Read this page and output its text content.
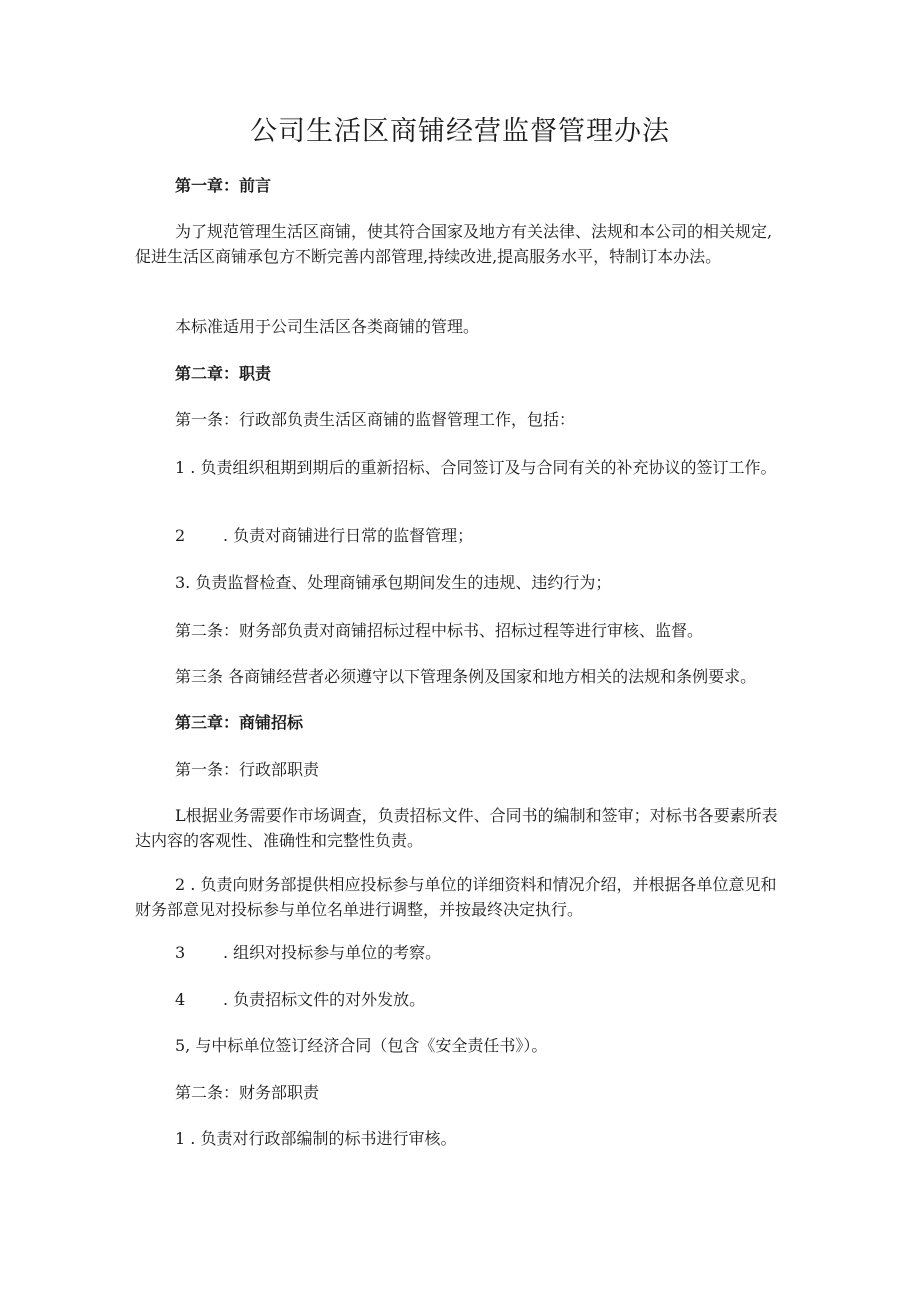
公司生活区商铺经营监督管理办法

第一章：前言

为了规范管理生活区商铺，使其符合国家及地方有关法律、法规和本公司的相关规定,促进生活区商铺承包方不断完善内部管理,持续改进,提高服务水平，特制订本办法。

本标准适用于公司生活区各类商铺的管理。

第二章：职责

第一条：行政部负责生活区商铺的监督管理工作，包括：

1 . 负责组织租期到期后的重新招标、合同签订及与合同有关的补充协议的签订工作。

2 . 负责对商铺进行日常的监督管理；

3. 负责监督检查、处理商铺承包期间发生的违规、违约行为；

第二条：财务部负责对商铺招标过程中标书、招标过程等进行审核、监督。

第三条 各商铺经营者必须遵守以下管理条例及国家和地方相关的法规和条例要求。

第三章：商铺招标

第一条：行政部职责

L根据业务需要作市场调查，负责招标文件、合同书的编制和签审；对标书各要素所表达内容的客观性、准确性和完整性负责。

2 . 负责向财务部提供相应投标参与单位的详细资料和情况介绍，并根据各单位意见和财务部意见对投标参与单位名单进行调整，并按最终决定执行。

3 . 组织对投标参与单位的考察。

4 . 负责招标文件的对外发放。

5, 与中标单位签订经济合同（包含《安全责任书》）。

第二条：财务部职责

1 . 负责对行政部编制的标书进行审核。
